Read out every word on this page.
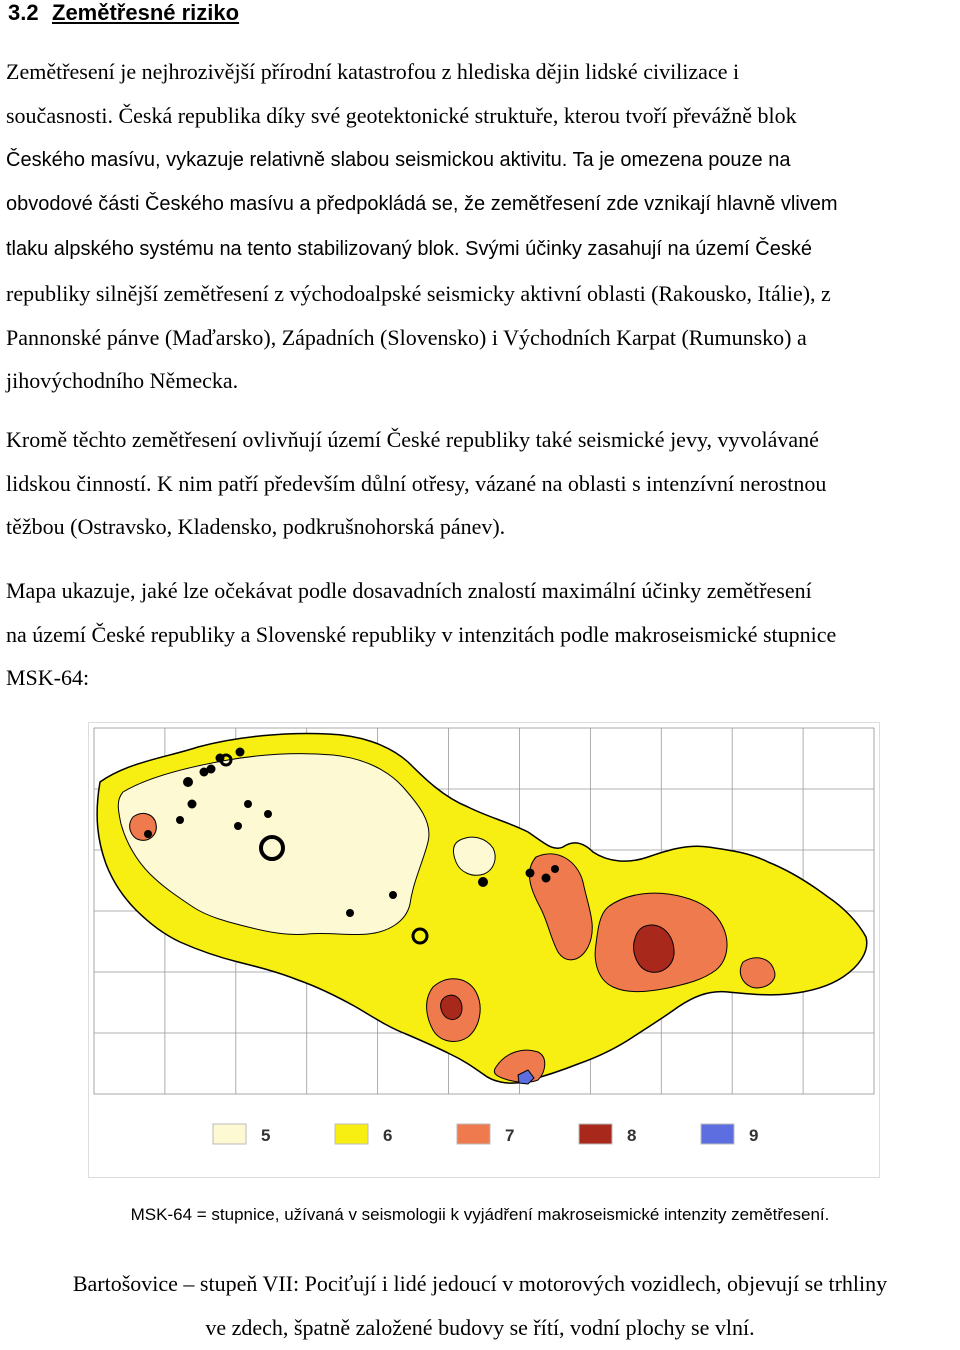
3.2 Zemětřesné riziko
Zemětřesení je nejhrozivější přírodní katastrofou z hlediska dějin lidské civilizace i
současnosti. Česká republika díky své geotektonické struktuře, kterou tvoří převážně blok
Českého masívu, vykazuje relativně slabou seismickou aktivitu. Ta je omezena pouze na
obvodové části Českého masívu a předpokládá se, že zemětřesení zde vznikají hlavně vlivem
tlaku alpského systému na tento stabilizovaný blok. Svými účinky zasahují na území České
republiky silnější zemětřesení z východoalpské seismicky aktivní oblasti (Rakousko, Itálie), z
Pannonské pánve (Maďarsko), Západních (Slovensko) i Východních Karpat (Rumunsko) a
jihovýchodního Německa.
Kromě těchto zemětřesení ovlivňují území České republiky také seismické jevy, vyvolávané
lidskou činností. K nim patří především důlní otřesy, vázané na oblasti s intenzívní nerostnou
těžbou (Ostravsko, Kladensko, podkrušnohorská pánev).
Mapa ukazuje, jaké lze očekávat podle dosavadních znalostí maximální účinky zemětřesení
na území České republiky a Slovenské republiky v intenzitách podle makroseismické stupnice
MSK-64:
5	6	7	8	9
MSK-64 = stupnice, užívaná v seismologii k vyjádření makroseismické intenzity zemětřesení.
Bartošovice – stupeň VII: Pociťují i lidé jedoucí v motorových vozidlech, objevují se trhliny
ve zdech, špatně založené budovy se řítí, vodní plochy se vlní.
